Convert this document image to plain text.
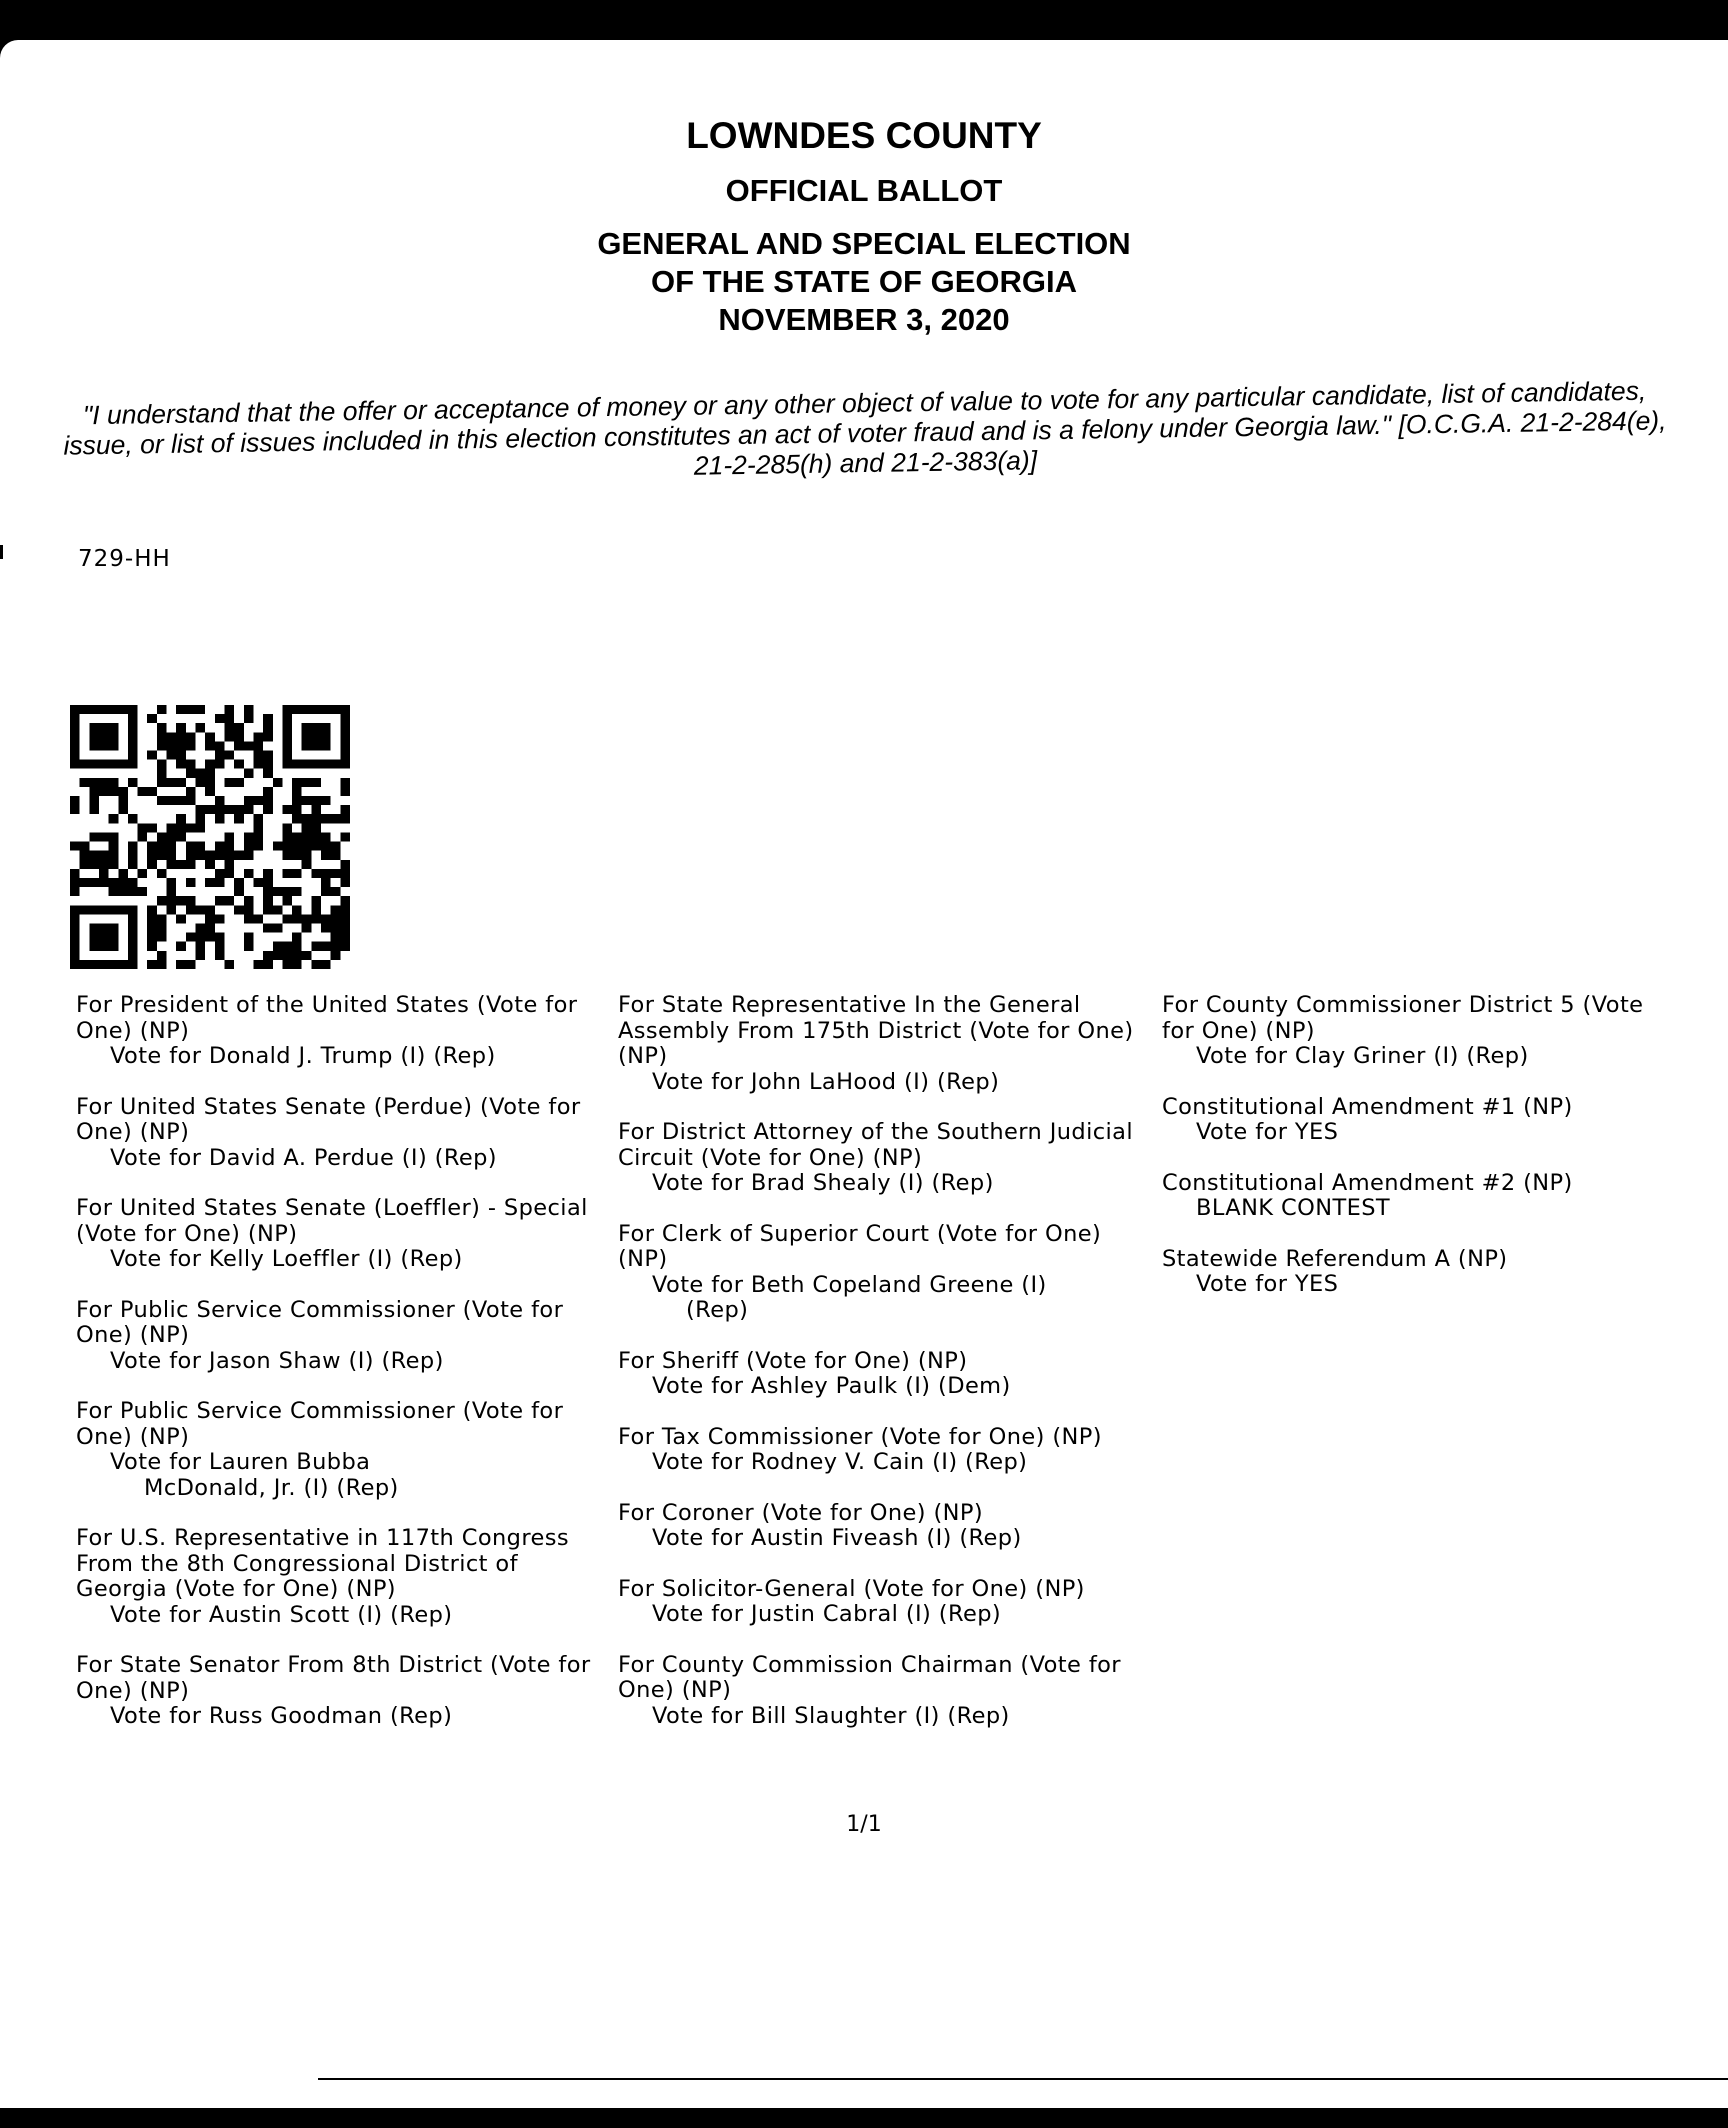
LOWNDES COUNTY
OFFICIAL BALLOT
GENERAL AND SPECIAL ELECTION
OF THE STATE OF GEORGIA
NOVEMBER 3, 2020
"I understand that the offer or acceptance of money or any other object of value to vote for any particular candidate, list of candidates, issue, or list of issues included in this election constitutes an act of voter fraud and is a felony under Georgia law." [O.C.G.A. 21-2-284(e), 21-2-285(h) and 21-2-383(a)]
729-HH
For President of the United States (Vote for One) (NP)
Vote for Donald J. Trump (I) (Rep)
For United States Senate (Perdue) (Vote for One) (NP)
Vote for David A. Perdue (I) (Rep)
For United States Senate (Loeffler) - Special (Vote for One) (NP)
Vote for Kelly Loeffler (I) (Rep)
For Public Service Commissioner (Vote for One) (NP)
Vote for Jason Shaw (I) (Rep)
For Public Service Commissioner (Vote for One) (NP)
Vote for Lauren Bubba
McDonald, Jr. (I) (Rep)
For U.S. Representative in 117th Congress From the 8th Congressional District of Georgia (Vote for One) (NP)
Vote for Austin Scott (I) (Rep)
For State Senator From 8th District (Vote for One) (NP)
Vote for Russ Goodman (Rep)
For State Representative In the General Assembly From 175th District (Vote for One) (NP)
Vote for John LaHood (I) (Rep)
For District Attorney of the Southern Judicial Circuit (Vote for One) (NP)
Vote for Brad Shealy (I) (Rep)
For Clerk of Superior Court (Vote for One) (NP)
Vote for Beth Copeland Greene (I)
(Rep)
For Sheriff (Vote for One) (NP)
Vote for Ashley Paulk (I) (Dem)
For Tax Commissioner (Vote for One) (NP)
Vote for Rodney V. Cain (I) (Rep)
For Coroner (Vote for One) (NP)
Vote for Austin Fiveash (I) (Rep)
For Solicitor-General (Vote for One) (NP)
Vote for Justin Cabral (I) (Rep)
For County Commission Chairman (Vote for One) (NP)
Vote for Bill Slaughter (I) (Rep)
For County Commissioner District 5 (Vote for One) (NP)
Vote for Clay Griner (I) (Rep)
Constitutional Amendment #1 (NP)
Vote for YES
Constitutional Amendment #2 (NP)
BLANK CONTEST
Statewide Referendum A (NP)
Vote for YES
1/1
